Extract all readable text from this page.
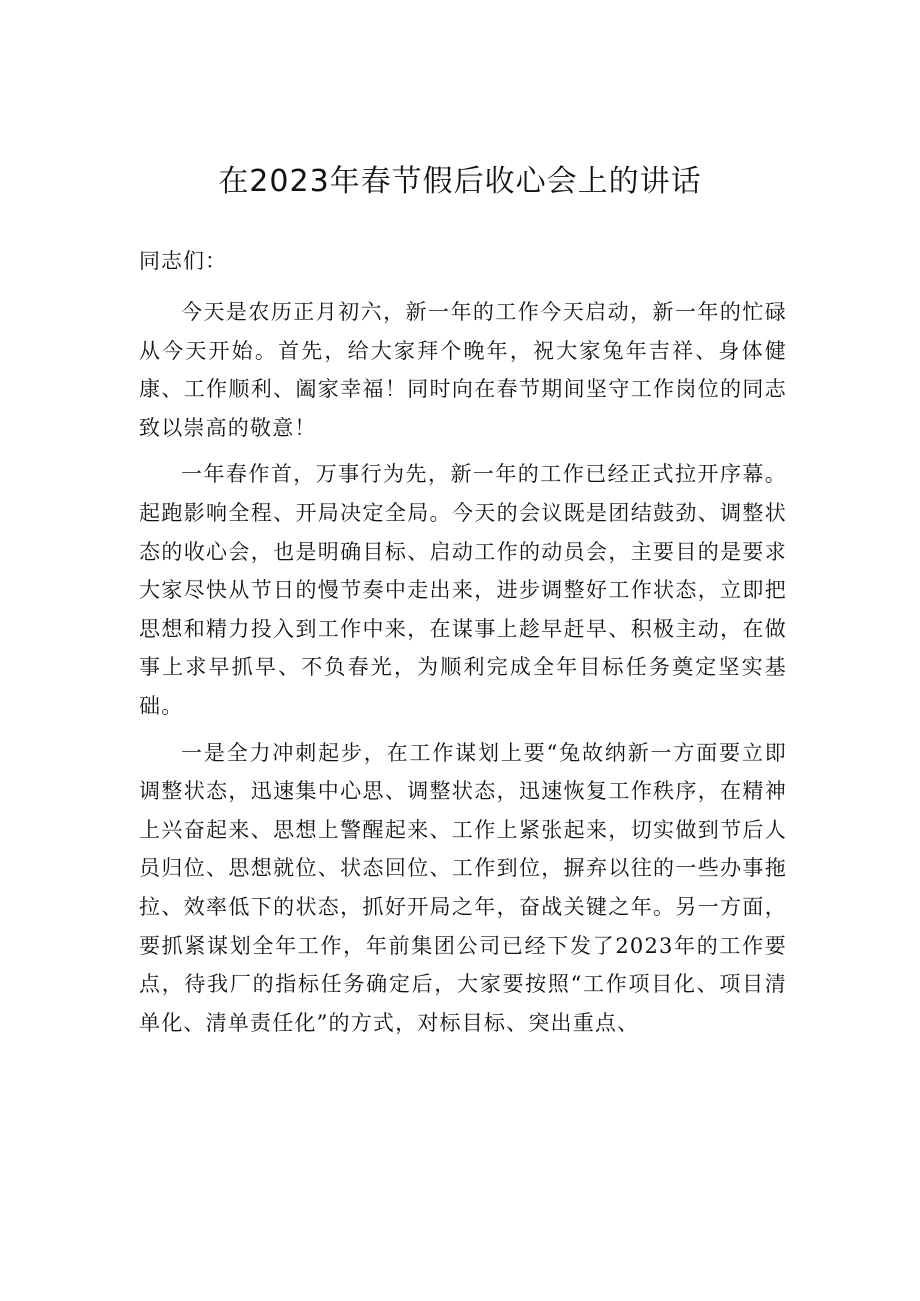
在2023年春节假后收心会上的讲话

同志们：

今天是农历正月初六，新一年的工作今天启动，新一年的忙碌从今天开始。首先，给大家拜个晚年，祝大家兔年吉祥、身体健康、工作顺利、阖家幸福！同时向在春节期间坚守工作岗位的同志致以崇高的敬意！

一年春作首，万事行为先，新一年的工作已经正式拉开序幕。起跑影响全程、开局决定全局。今天的会议既是团结鼓劲、调整状态的收心会，也是明确目标、启动工作的动员会，主要目的是要求大家尽快从节日的慢节奏中走出来，进步调整好工作状态，立即把思想和精力投入到工作中来，在谋事上趁早赶早、积极主动，在做事上求早抓早、不负春光，为顺利完成全年目标任务奠定坚实基础。

一是全力冲刺起步，在工作谋划上要“兔故纳新一方面要立即调整状态，迅速集中心思、调整状态，迅速恢复工作秩序，在精神上兴奋起来、思想上警醒起来、工作上紧张起来，切实做到节后人员归位、思想就位、状态回位、工作到位，摒弃以往的一些办事拖拉、效率低下的状态，抓好开局之年，奋战关键之年。另一方面，要抓紧谋划全年工作，年前集团公司已经下发了2023年的工作要点，待我厂的指标任务确定后，大家要按照“工作项目化、项目清单化、清单责任化”的方式，对标目标、突出重点、
